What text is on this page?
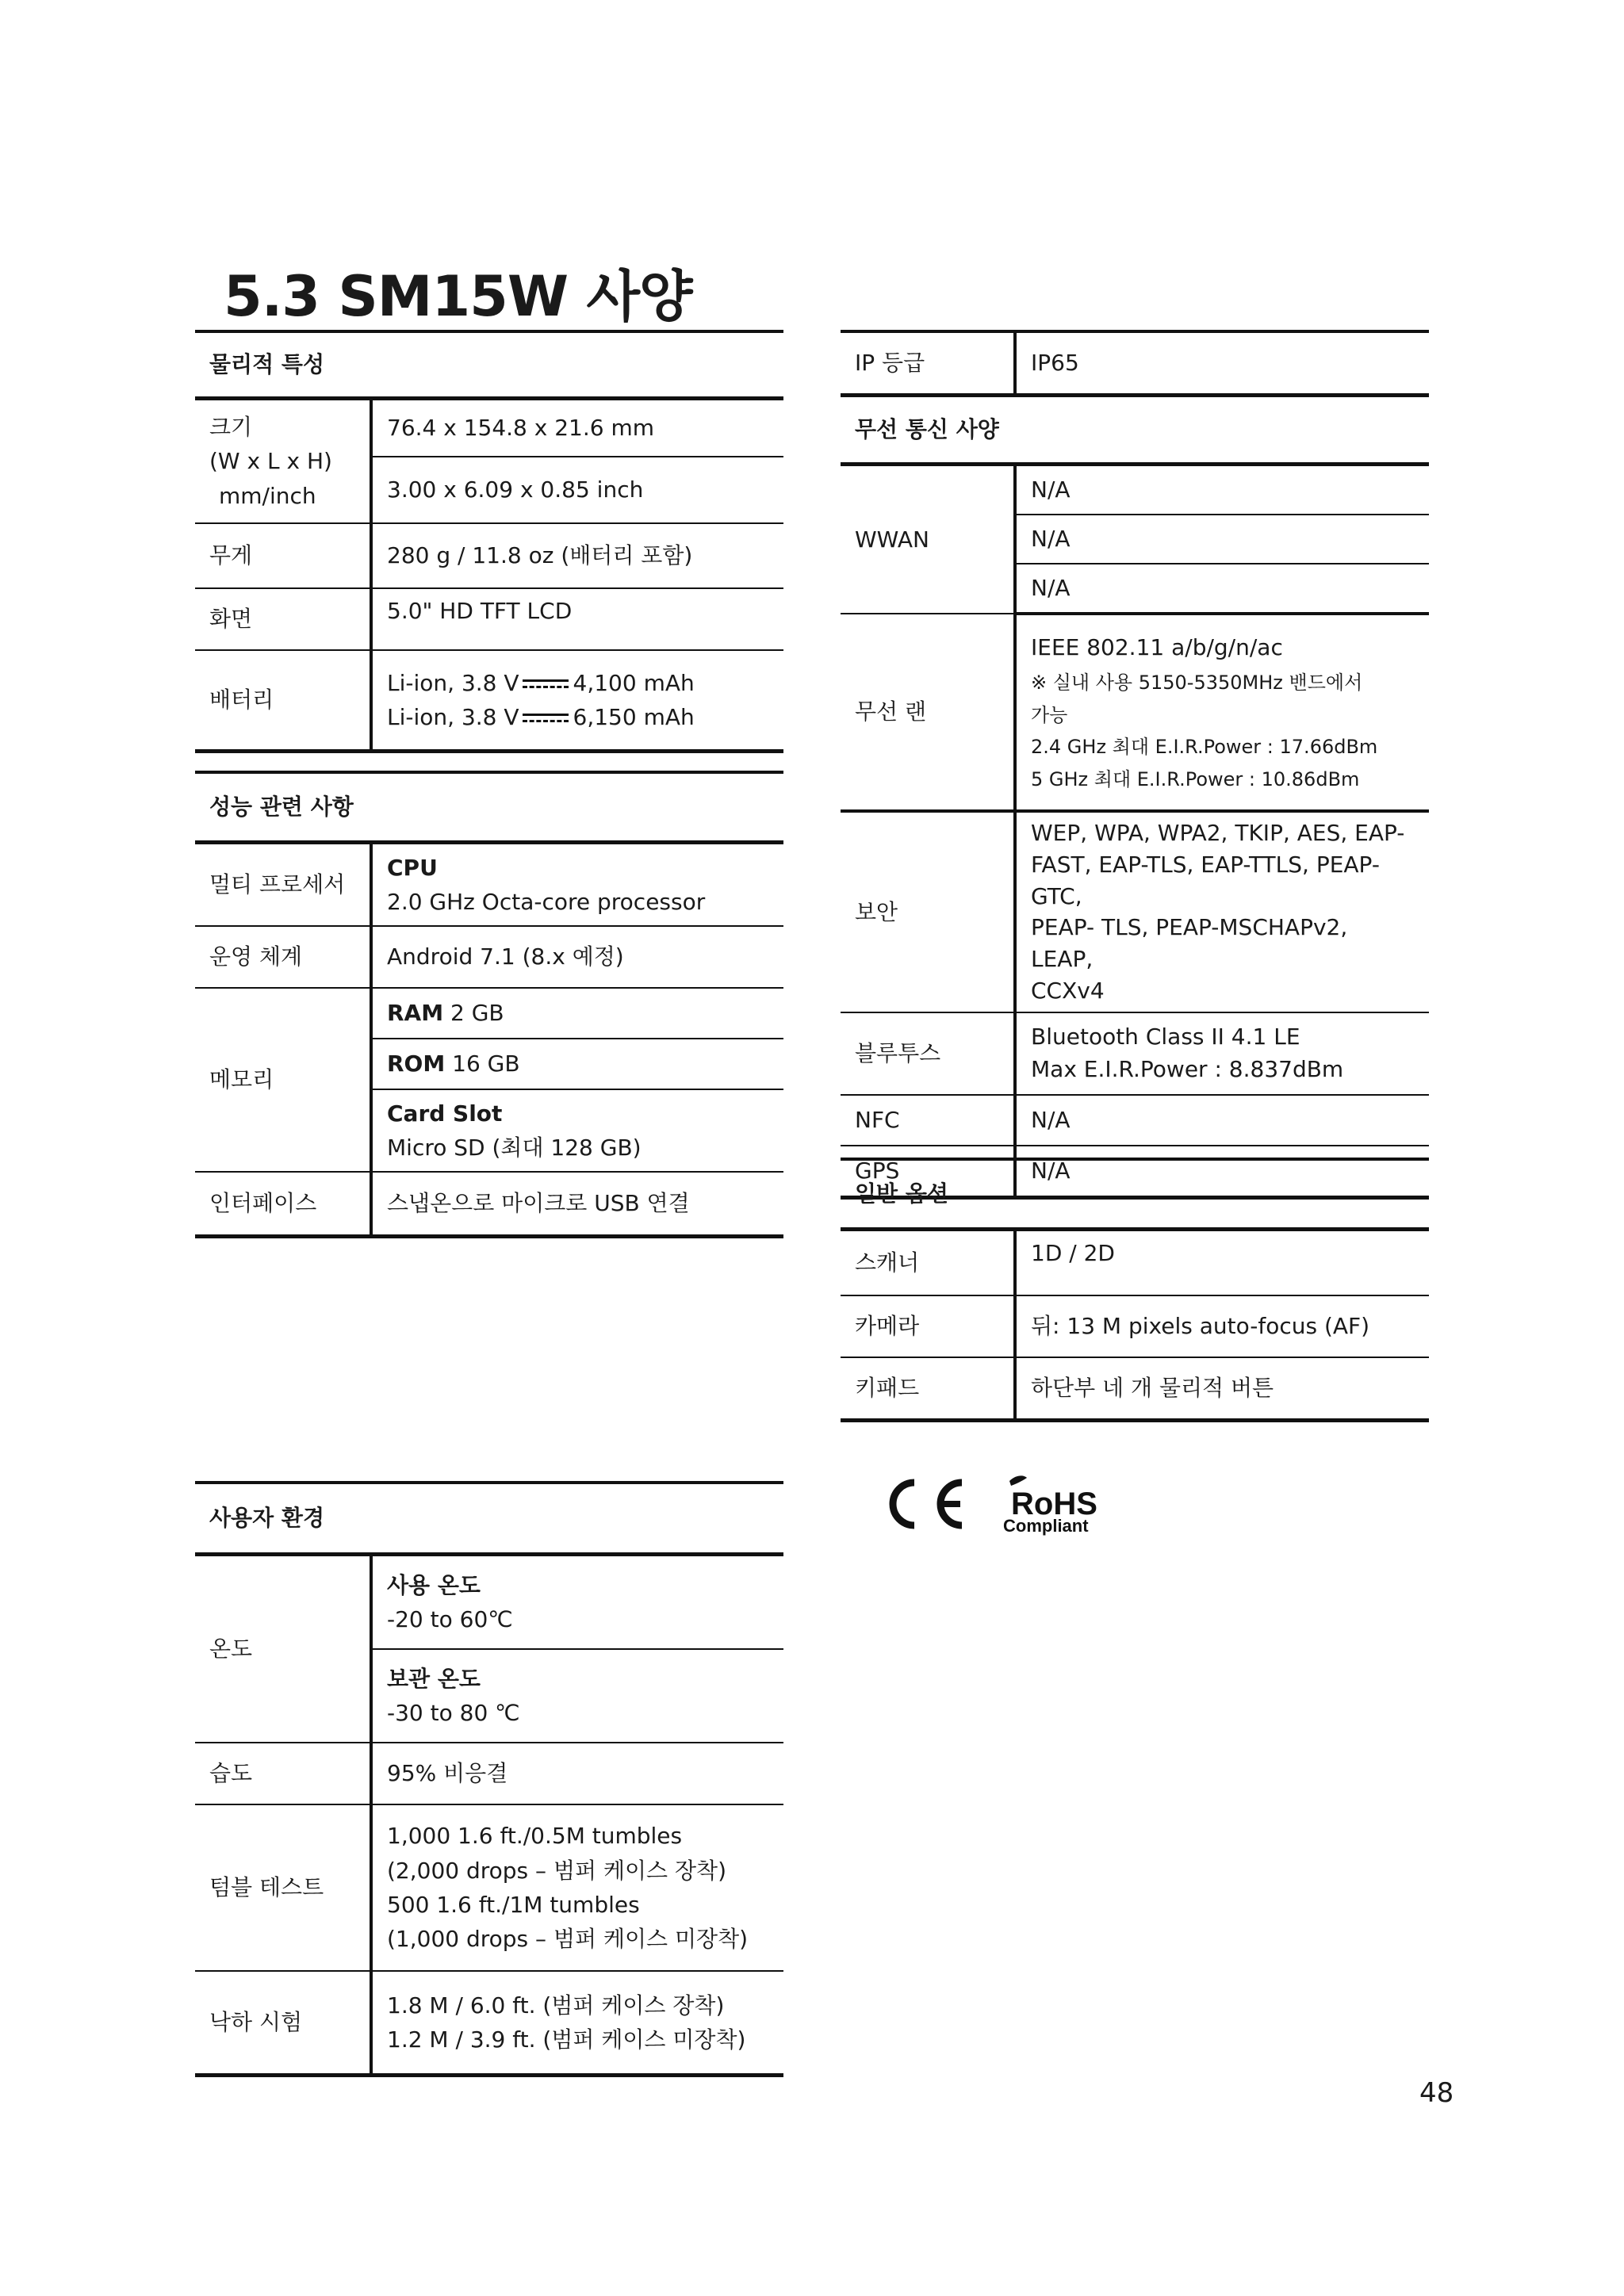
5.3 SM15W 사양
물리적 특성	

크기
(W x L x H)
mm/inch	76.4 x 154.8 x 21.6 mm
	3.00 x 6.09 x 0.85 inch
무게	280 g / 11.8 oz (배터리 포함)
화면	5.0" HD TFT LCD
배터리	Li-ion, 3.8 V 4,100 mAh
Li-ion, 3.8 V 6,150 mAh
성능 관련 사항	
멀티 프로세서	CPU
2.0 GHz Octa-core processor

운영 체계	Android 7.1 (8.x 예정)
메모리	RAM 2 GB
	ROM 16 GB

	Card Slot
Micro SD (최대 128 GB)

인터페이스	스냅온으로 마이크로 USB 연결
사용자 환경	
온도	사용 온도
-20 to 60℃

	보관 온도
-30 to 80 ℃

습도	95% 비응결
텀블 테스트	1,000 1.6 ft./0.5M tumbles
(2,000 drops – 범퍼 케이스 장착)
500 1.6 ft./1M tumbles
(1,000 drops – 범퍼 케이스 미장착)

낙하 시험	1.8 M / 6.0 ft. (범퍼 케이스 장착)
1.2 M / 3.9 ft. (범퍼 케이스 미장착)
IP 등급	IP65
무선 통신 사양	
WWAN	N/A
	N/A
	N/A
무선 랜	IEEE 802.11 a/b/g/n/ac
※ 실내 사용 5150-5350MHz 밴드에서
가능
2.4 GHz 최대 E.I.R.Power : 17.66dBm
5 GHz 최대 E.I.R.Power : 10.86dBm

보안	WEP, WPA, WPA2, TKIP, AES, EAP-
FAST, EAP-TLS, EAP-TTLS, PEAP-GTC,
PEAP- TLS, PEAP-MSCHAPv2, LEAP,
CCXv4

블루투스	Bluetooth Class II 4.1 LE
Max E.I.R.Power : 8.837dBm

NFC	N/A
GPS	N/A
일반 옵션	
스캐너	1D / 2D
카메라	뒤: 13 M pixels auto-focus (AF)
키패드	하단부 네 개 물리적 버튼
RoHS
Compliant
48
